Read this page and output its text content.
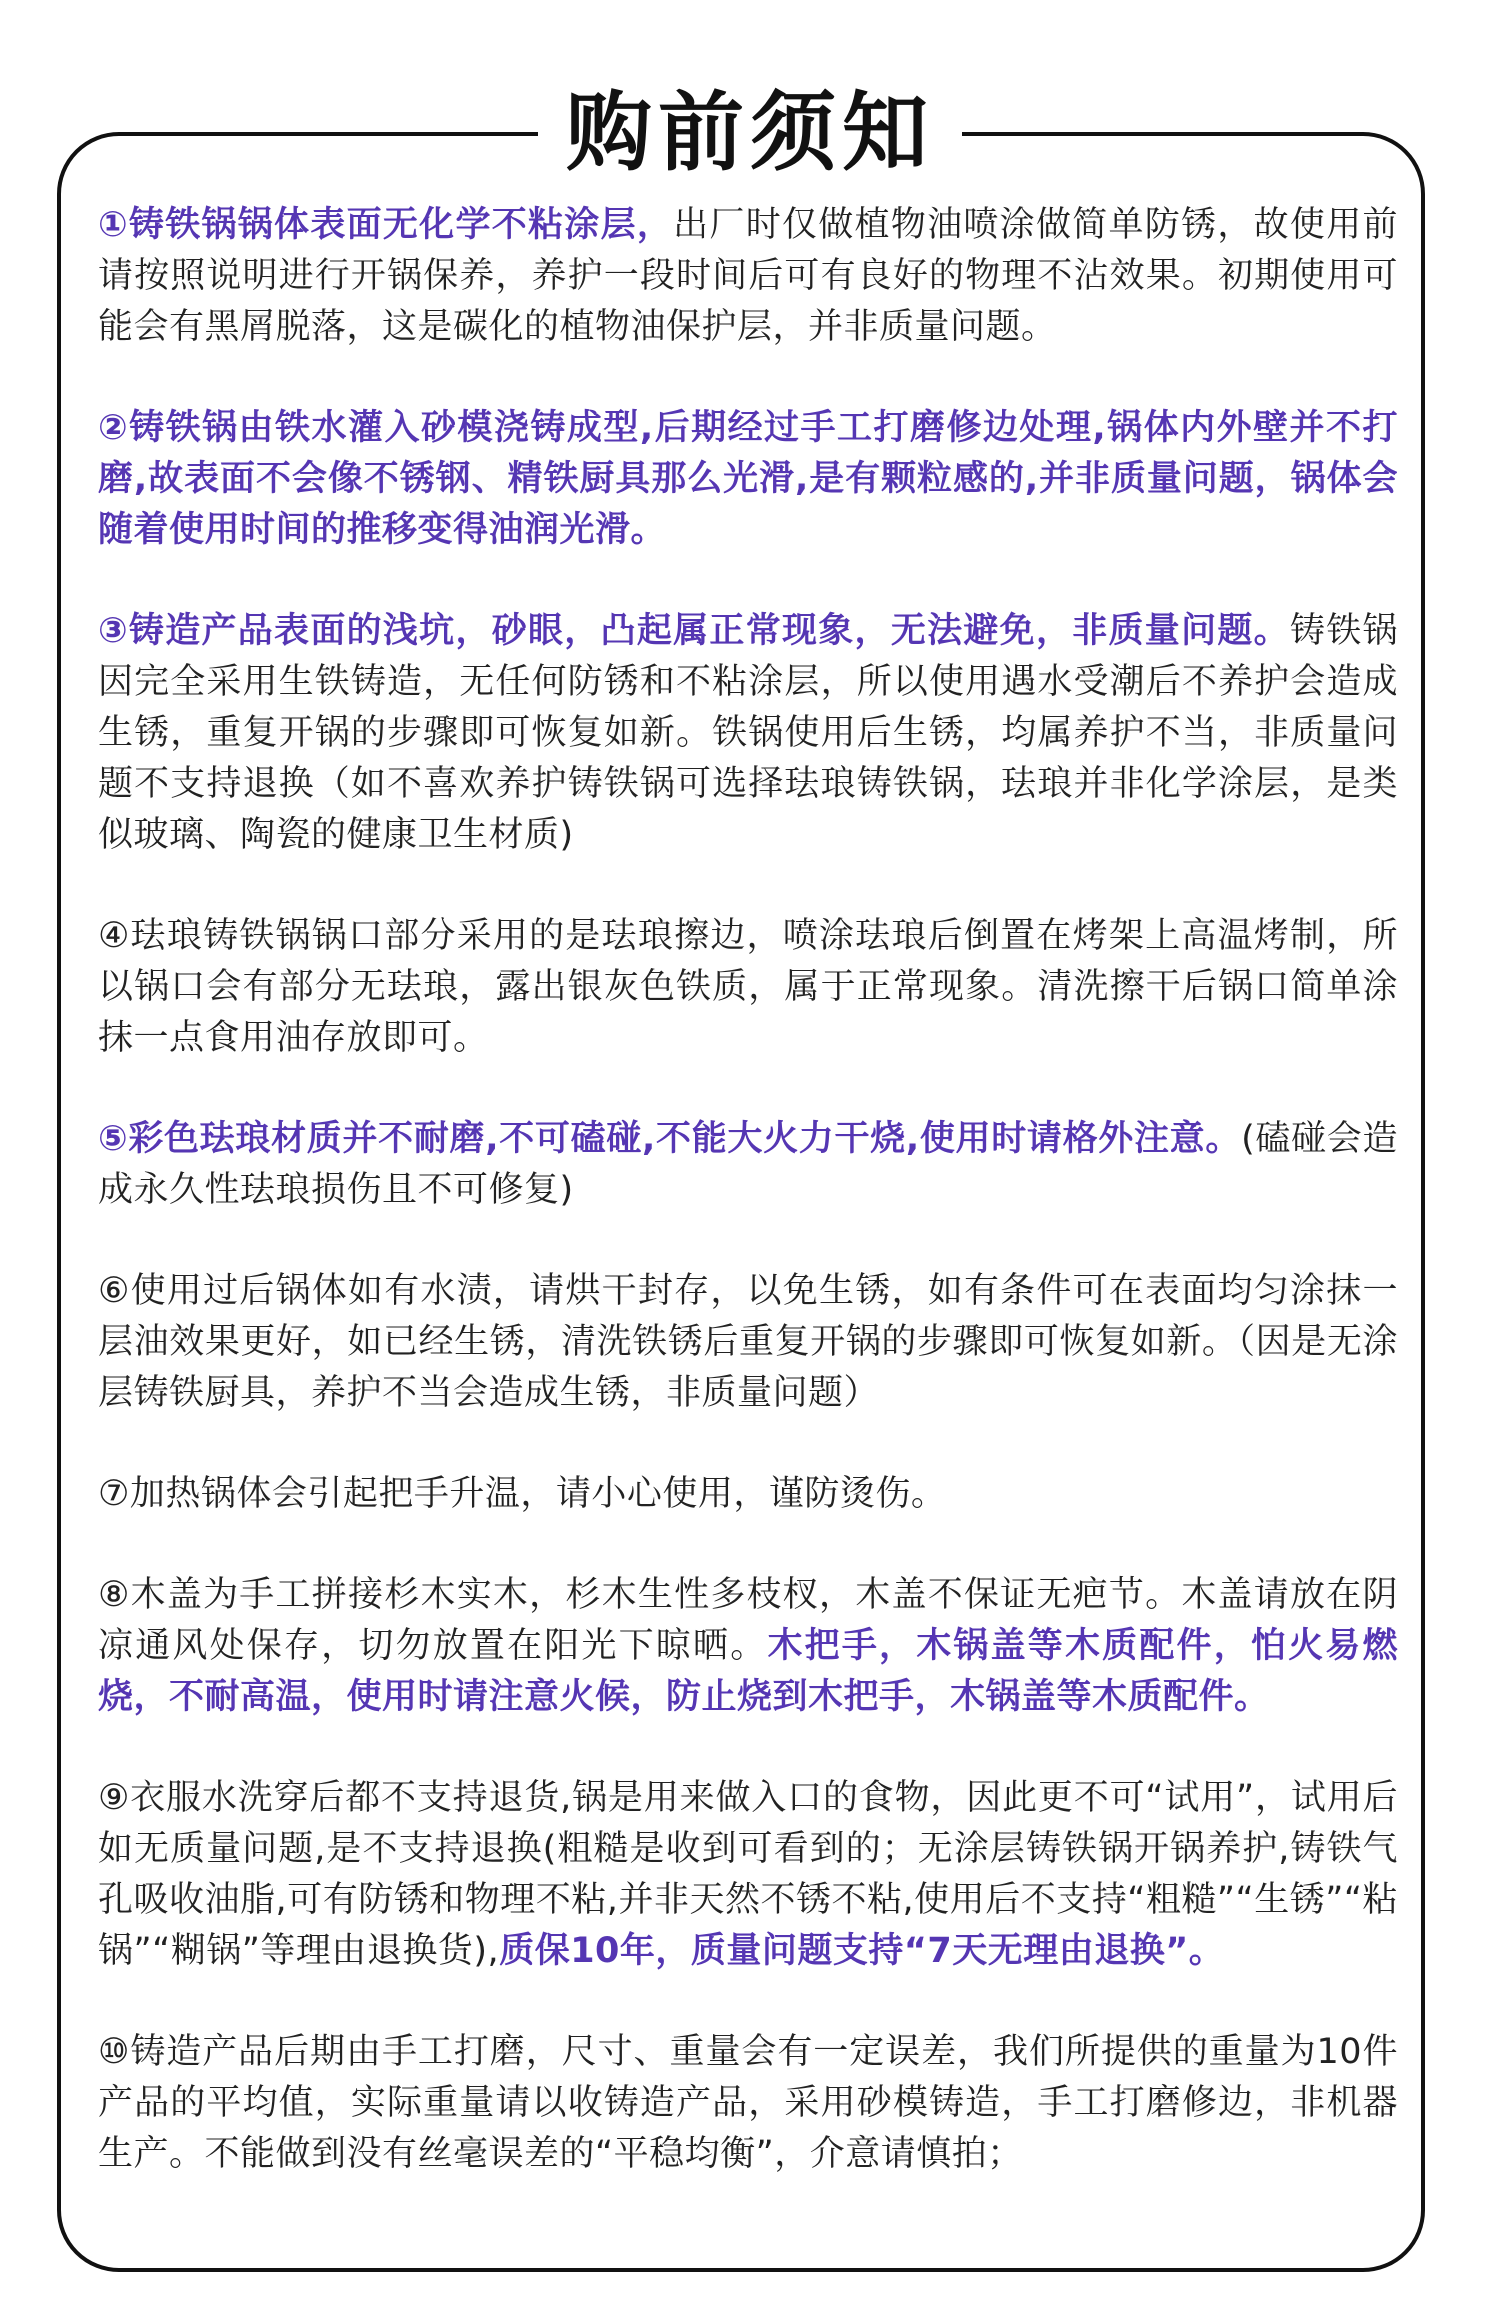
购前须知

①铸铁锅锅体表面无化学不粘涂层，出厂时仅做植物油喷涂做简单防锈，故使用前请按照说明进行开锅保养，养护一段时间后可有良好的物理不沾效果。初期使用可能会有黑屑脱落，这是碳化的植物油保护层，并非质量问题。

②铸铁锅由铁水灌入砂模浇铸成型,后期经过手工打磨修边处理,锅体内外壁并不打磨,故表面不会像不锈钢、精铁厨具那么光滑,是有颗粒感的,并非质量问题，锅体会随着使用时间的推移变得油润光滑。

③铸造产品表面的浅坑，砂眼，凸起属正常现象，无法避免，非质量问题。铸铁锅因完全采用生铁铸造，无任何防锈和不粘涂层，所以使用遇水受潮后不养护会造成生锈，重复开锅的步骤即可恢复如新。铁锅使用后生锈，均属养护不当，非质量问题不支持退换（如不喜欢养护铸铁锅可选择珐琅铸铁锅，珐琅并非化学涂层，是类似玻璃、陶瓷的健康卫生材质)

④珐琅铸铁锅锅口部分采用的是珐琅擦边，喷涂珐琅后倒置在烤架上高温烤制，所以锅口会有部分无珐琅，露出银灰色铁质，属于正常现象。清洗擦干后锅口简单涂抹一点食用油存放即可。

⑤彩色珐琅材质并不耐磨,不可磕碰,不能大火力干烧,使用时请格外注意。(磕碰会造成永久性珐琅损伤且不可修复)

⑥使用过后锅体如有水渍，请烘干封存，以免生锈，如有条件可在表面均匀涂抹一层油效果更好，如已经生锈，清洗铁锈后重复开锅的步骤即可恢复如新。（因是无涂层铸铁厨具，养护不当会造成生锈，非质量问题）

⑦加热锅体会引起把手升温，请小心使用，谨防烫伤。

⑧木盖为手工拼接杉木实木，杉木生性多枝杈，木盖不保证无疤节。木盖请放在阴凉通风处保存，切勿放置在阳光下晾晒。木把手，木锅盖等木质配件，怕火易燃烧，不耐高温，使用时请注意火候，防止烧到木把手，木锅盖等木质配件。

⑨衣服水洗穿后都不支持退货,锅是用来做入口的食物，因此更不可“试用”，试用后如无质量问题,是不支持退换(粗糙是收到可看到的；无涂层铸铁锅开锅养护,铸铁气孔吸收油脂,可有防锈和物理不粘,并非天然不锈不粘,使用后不支持“粗糙”“生锈”“粘锅”“糊锅”等理由退换货),质保10年，质量问题支持“7天无理由退换”。

⑩铸造产品后期由手工打磨，尺寸、重量会有一定误差，我们所提供的重量为10件产品的平均值，实际重量请以收铸造产品，采用砂模铸造，手工打磨修边，非机器生产。不能做到没有丝毫误差的“平稳均衡”，介意请慎拍；
